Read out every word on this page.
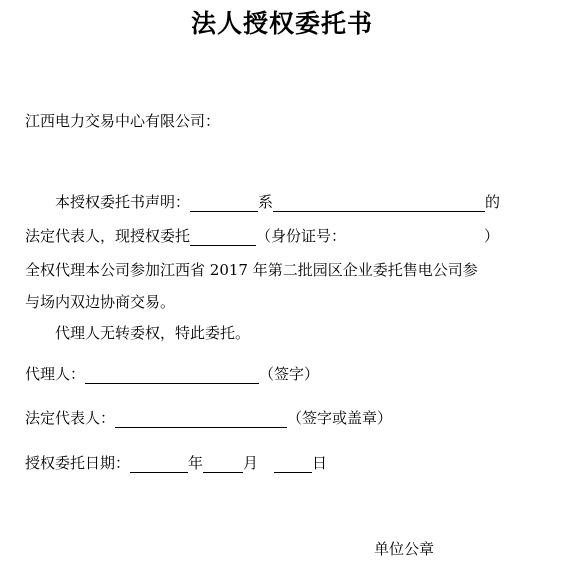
法人授权委托书
江西电力交易中心有限公司：
本授权委托书声明：	系	的
法定代表人，现授权委托	（身份证号：	）
全权代理本公司参加江西省 2017 年第二批园区企业委托售电公司参
与场内双边协商交易。
代理人无转委权，特此委托。
代理人：	（签字）
法定代表人：	（签字或盖章）
授权委托日期：	年	月	日
单位公章
